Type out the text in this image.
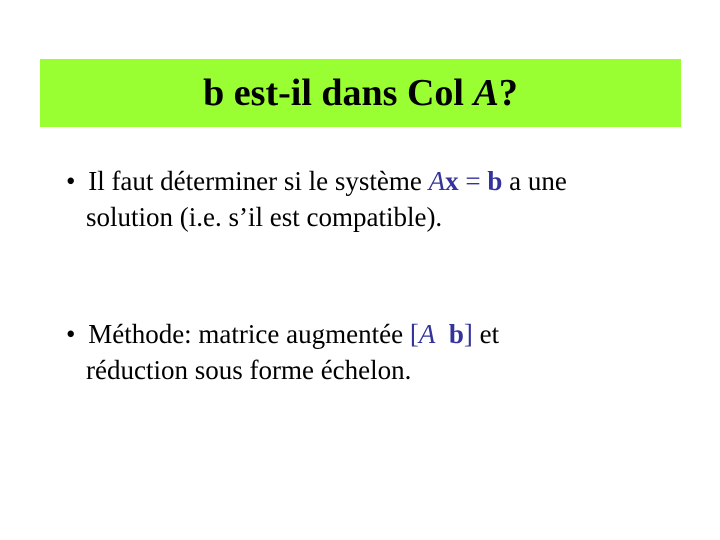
b est-il dans Col A?
• Il faut déterminer si le système Ax = b a une
solution (i.e. s’il est compatible).
• Méthode: matrice augmentée [A b] et
réduction sous forme échelon.
